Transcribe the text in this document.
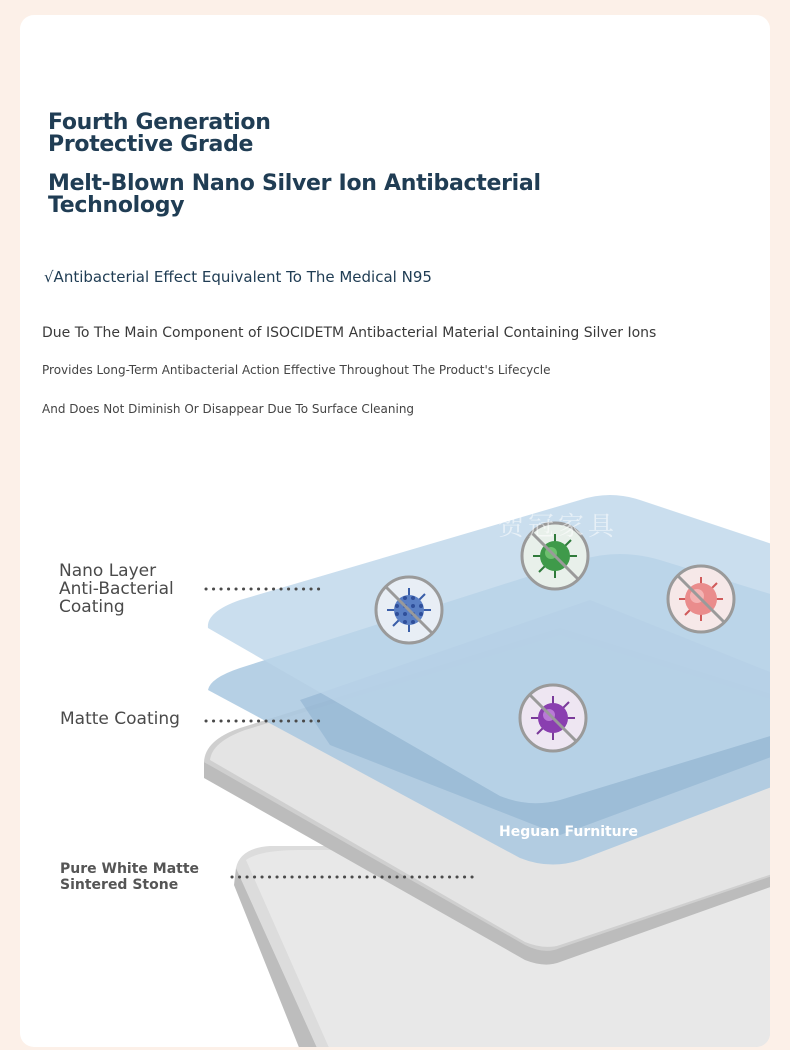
Fourth Generation
Protective Grade
Melt-Blown Nano Silver Ion Antibacterial
Technology
√Antibacterial Effect Equivalent To The Medical N95
Due To The Main Component of ISOCIDETM Antibacterial Material Containing Silver Ions
Provides Long-Term Antibacterial Action Effective Throughout The Product's Lifecycle
And Does Not Diminish Or Disappear Due To Surface Cleaning
贺冠家具
Nano Layer
Anti-Bacterial
Coating
Matte Coating
Pure White Matte
Sintered Stone
Heguan Furniture
